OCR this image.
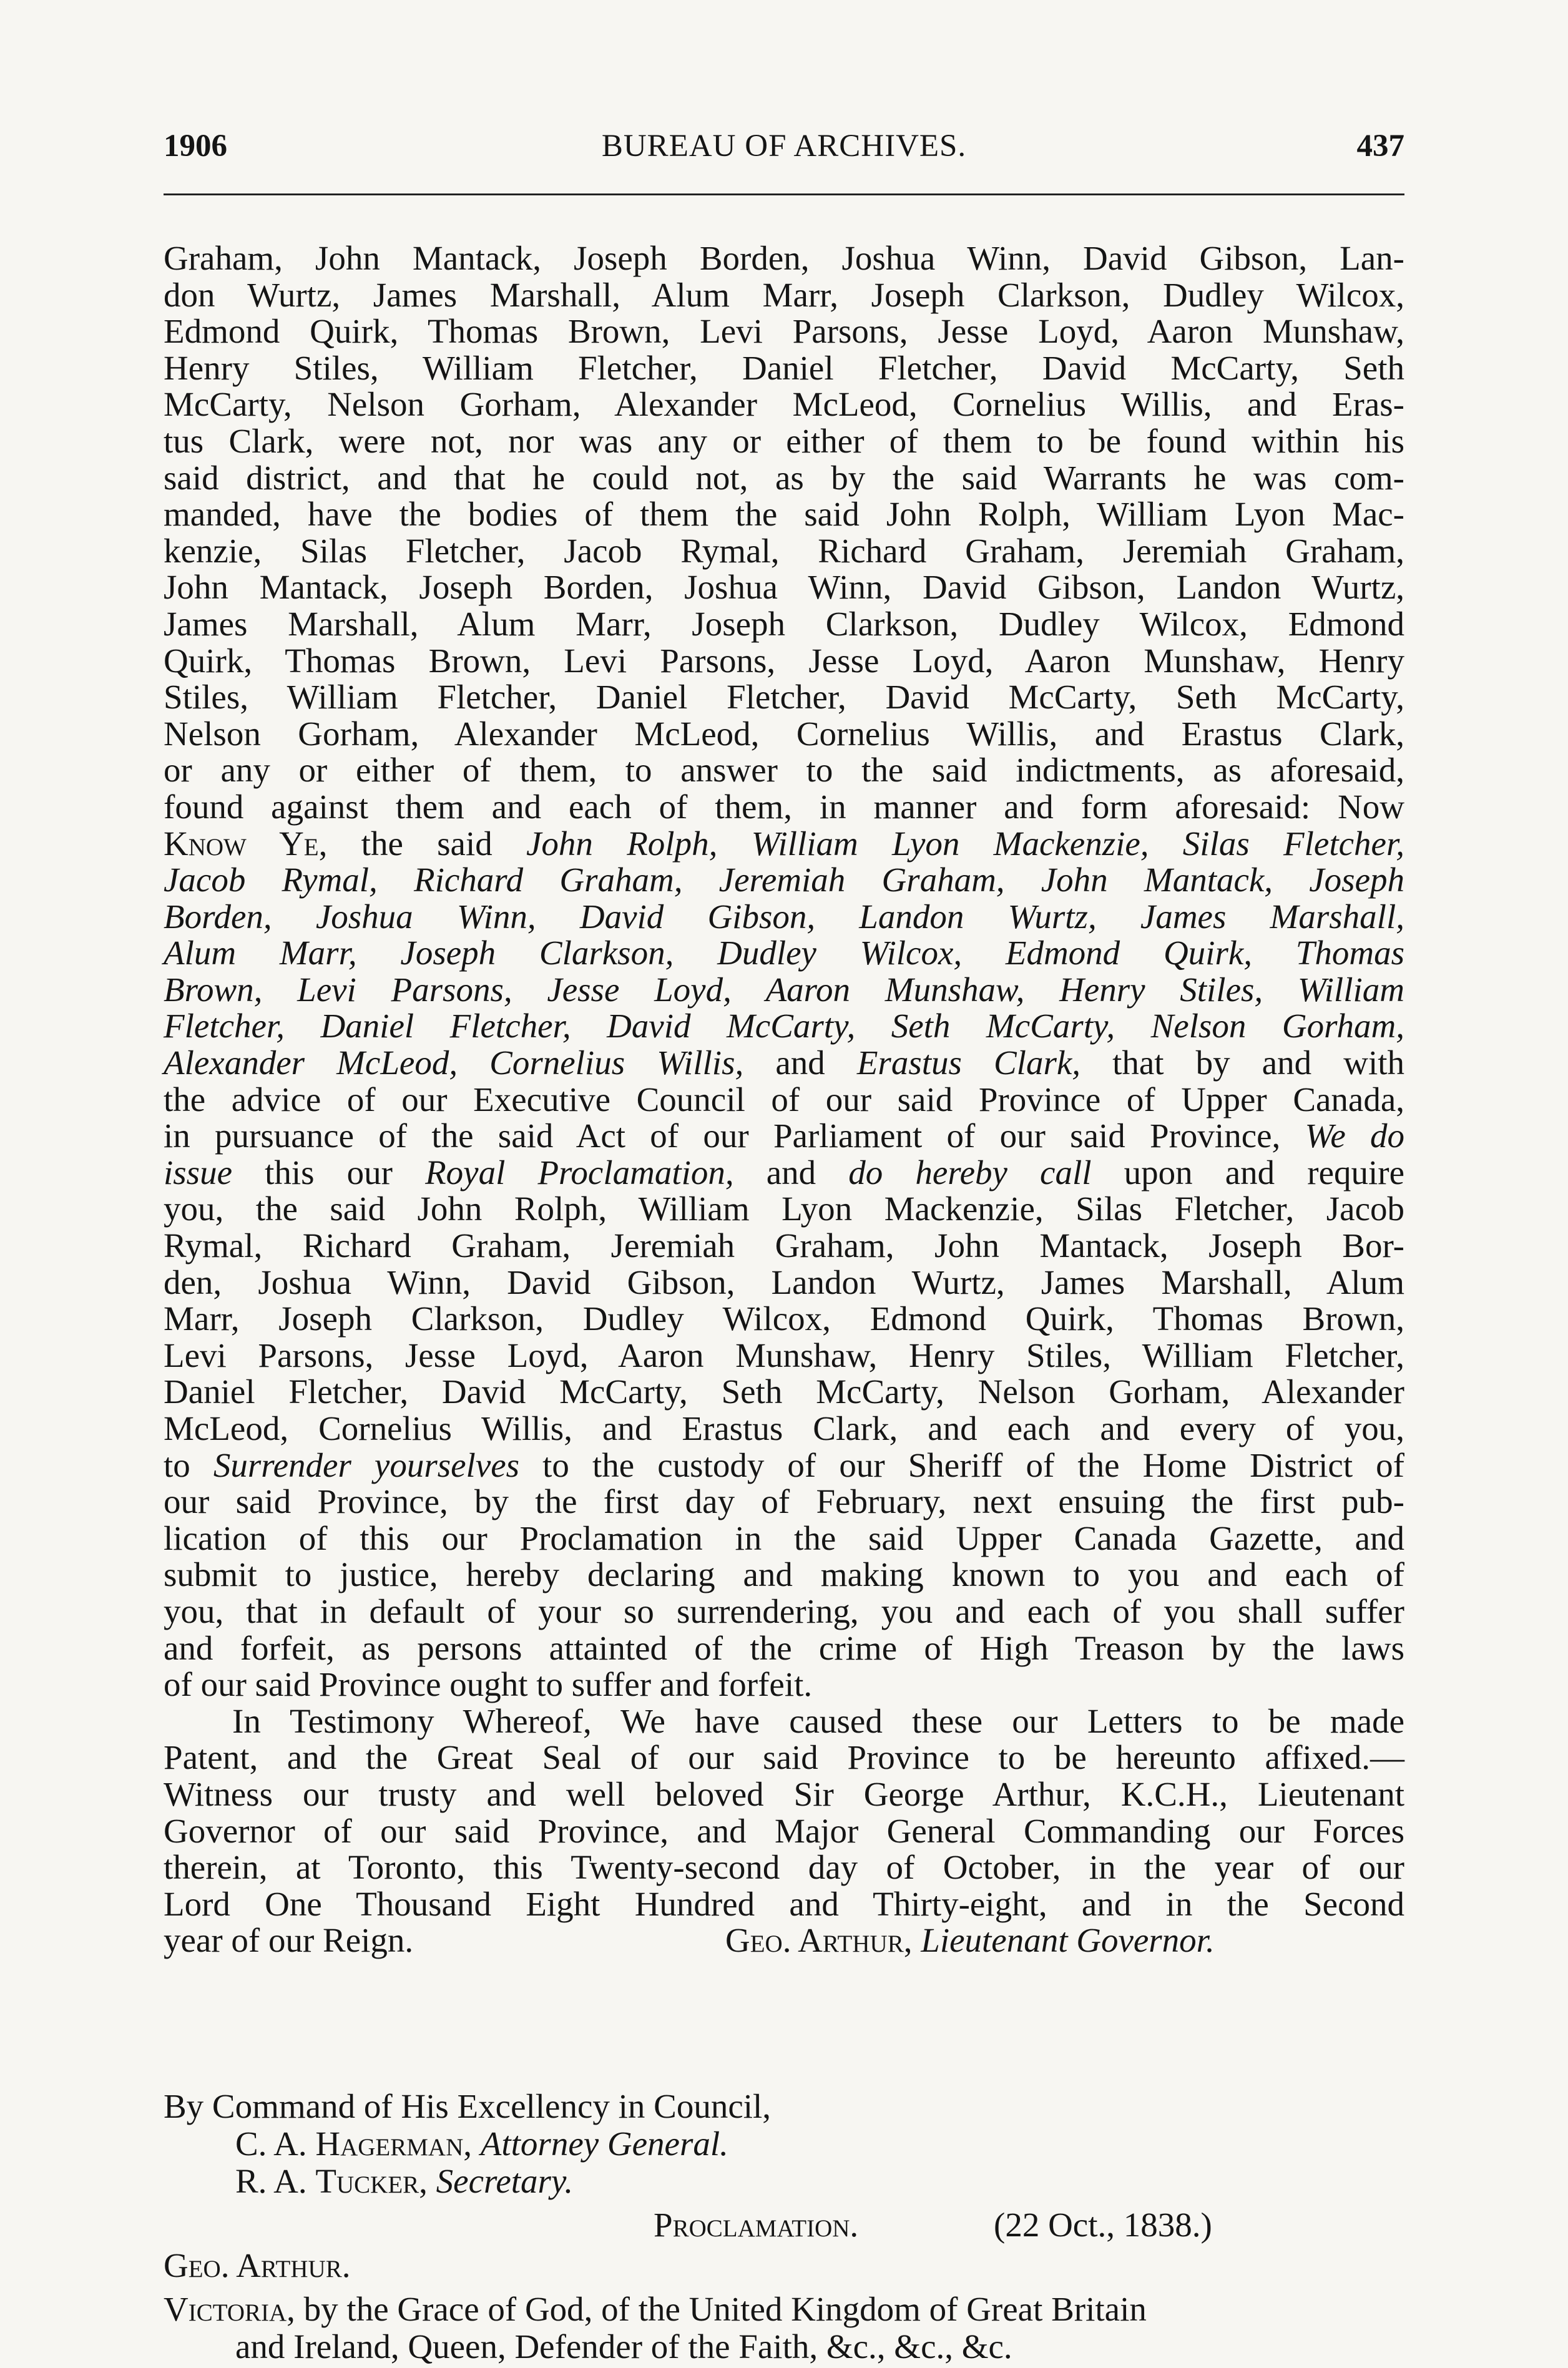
BUREAU OF ARCHIVES.
1906	437
Graham, John Mantack, Joseph Borden, Joshua Winn, David Gibson, Lan-
don Wurtz, James Marshall, Alum Marr, Joseph Clarkson, Dudley Wilcox,
Edmond Quirk, Thomas Brown, Levi Parsons, Jesse Loyd, Aaron Munshaw,
Henry Stiles, William Fletcher, Daniel Fletcher, David McCarty, Seth
McCarty, Nelson Gorham, Alexander McLeod, Cornelius Willis, and Eras-
tus Clark, were not, nor was any or either of them to be found within his
said district, and that he could not, as by the said Warrants he was com-
manded, have the bodies of them the said John Rolph, William Lyon Mac-
kenzie, Silas Fletcher, Jacob Rymal, Richard Graham, Jeremiah Graham,
John Mantack, Joseph Borden, Joshua Winn, David Gibson, Landon Wurtz,
James Marshall, Alum Marr, Joseph Clarkson, Dudley Wilcox, Edmond
Quirk, Thomas Brown, Levi Parsons, Jesse Loyd, Aaron Munshaw, Henry
Stiles, William Fletcher, Daniel Fletcher, David McCarty, Seth McCarty,
Nelson Gorham, Alexander McLeod, Cornelius Willis, and Erastus Clark,
or any or either of them, to answer to the said indictments, as aforesaid,
found against them and each of them, in manner and form aforesaid: Now
Know Ye, the said John Rolph, William Lyon Mackenzie, Silas Fletcher,
Jacob Rymal, Richard Graham, Jeremiah Graham, John Mantack, Joseph
Borden, Joshua Winn, David Gibson, Landon Wurtz, James Marshall,
Alum Marr, Joseph Clarkson, Dudley Wilcox, Edmond Quirk, Thomas
Brown, Levi Parsons, Jesse Loyd, Aaron Munshaw, Henry Stiles, William
Fletcher, Daniel Fletcher, David McCarty, Seth McCarty, Nelson Gorham,
Alexander McLeod, Cornelius Willis, and Erastus Clark, that by and with
the advice of our Executive Council of our said Province of Upper Canada,
in pursuance of the said Act of our Parliament of our said Province, We do
issue this our Royal Proclamation, and do hereby call upon and require
you, the said John Rolph, William Lyon Mackenzie, Silas Fletcher, Jacob
Rymal, Richard Graham, Jeremiah Graham, John Mantack, Joseph Bor-
den, Joshua Winn, David Gibson, Landon Wurtz, James Marshall, Alum
Marr, Joseph Clarkson, Dudley Wilcox, Edmond Quirk, Thomas Brown,
Levi Parsons, Jesse Loyd, Aaron Munshaw, Henry Stiles, William Fletcher,
Daniel Fletcher, David McCarty, Seth McCarty, Nelson Gorham, Alexander
McLeod, Cornelius Willis, and Erastus Clark, and each and every of you,
to Surrender yourselves to the custody of our Sheriff of the Home District of
our said Province, by the first day of February, next ensuing the first pub-
lication of this our Proclamation in the said Upper Canada Gazette, and
submit to justice, hereby declaring and making known to you and each of
you, that in default of your so surrendering, you and each of you shall suffer
and forfeit, as persons attainted of the crime of High Treason by the laws
of our said Province ought to suffer and forfeit.
In Testimony Whereof, We have caused these our Letters to be made
Patent, and the Great Seal of our said Province to be hereunto affixed.—
Witness our trusty and well beloved Sir George Arthur, K.C.H., Lieutenant
Governor of our said Province, and Major General Commanding our Forces
therein, at Toronto, this Twenty-second day of October, in the year of our
Lord One Thousand Eight Hundred and Thirty-eight, and in the Second
year of our Reign.	Geo. Arthur, Lieutenant Governor.
By Command of His Excellency in Council,
C. A. Hagerman, Attorney General.
R. A. Tucker, Secretary.
Proclamation.	(22 Oct., 1838.)
Geo. Arthur.
Victoria, by the Grace of God, of the United Kingdom of Great Britain
and Ireland, Queen, Defender of the Faith, &c., &c., &c.
